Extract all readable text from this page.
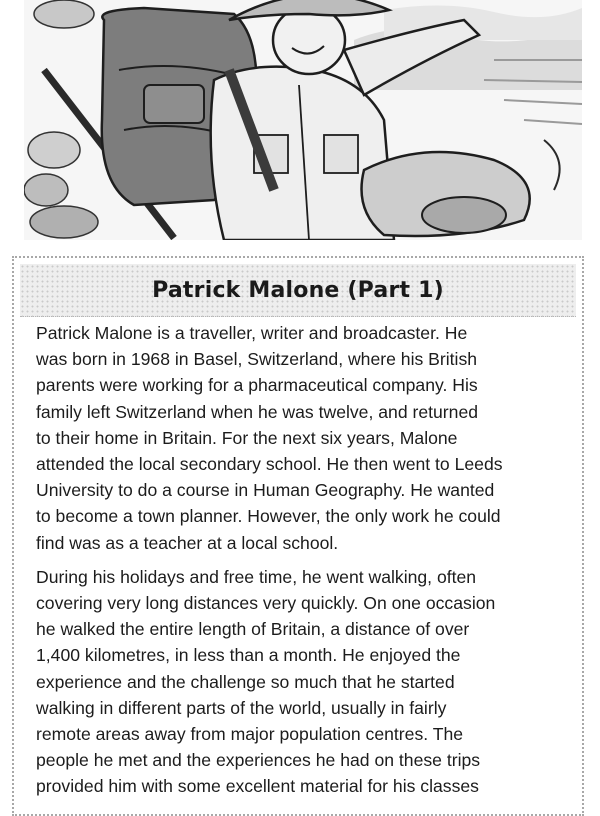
Patrick Malone (Part 1)

Patrick Malone is a traveller, writer and broadcaster. He
was born in 1968 in Basel, Switzerland, where his British
parents were working for a pharmaceutical company. His
family left Switzerland when he was twelve, and returned
to their home in Britain. For the next six years, Malone
attended the local secondary school. He then went to Leeds
University to do a course in Human Geography. He wanted
to become a town planner. However, the only work he could
find was as a teacher at a local school.

During his holidays and free time, he went walking, often
covering very long distances very quickly. On one occasion
he walked the entire length of Britain, a distance of over
1,400 kilometres, in less than a month. He enjoyed the
experience and the challenge so much that he started
walking in different parts of the world, usually in fairly
remote areas away from major population centres. The
people he met and the experiences he had on these trips
provided him with some excellent material for his classes
